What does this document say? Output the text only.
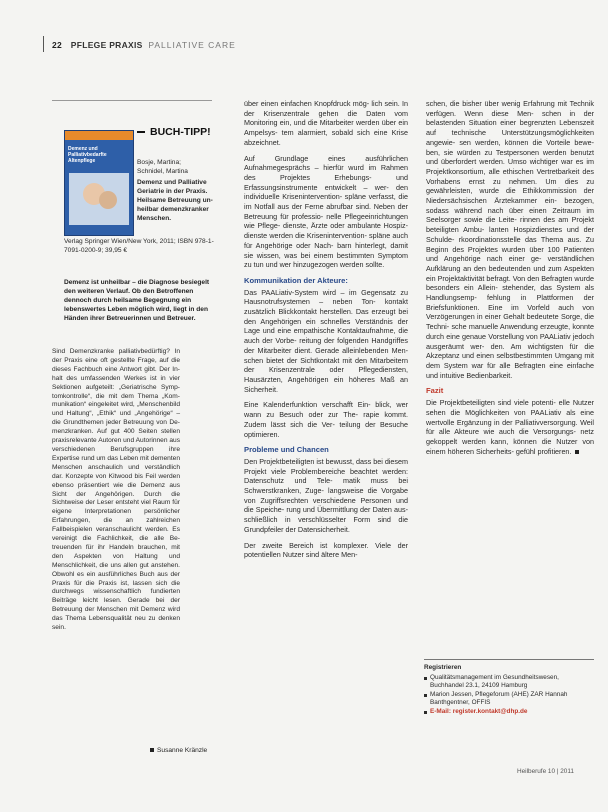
22 PFLEGE PRAXIS PALLIATIVE CARE
BUCH-TIPP!
Demenz und Palliativbedarfte Altenpflege	Bosje, Martina;
Schnidel, Martina
Demenz und Palliative Geriatrie in der Praxis. Heilsame Betreuung un- heilbar demenzkranker Menschen.
Verlag Springer Wien/New York, 2011; ISBN 978-1-7091-0200-9; 39,95 €
Demenz ist unheilbar – die Diagnose besiegelt den weiteren Verlauf. Ob den Betroffenen dennoch durch heilsame Begegnung ein lebenswertes Leben möglich wird, liegt in den Händen ihrer Betreuerinnen und Betreuer.

Sind Demenzkranke palliativbedürftig? In der Praxis eine oft gestellte Frage, auf die dieses Fachbuch eine Antwort gibt. Der In- halt des umfassenden Werkes ist in vier Sektionen aufgeteilt: „Geriatrische Symp- tomkontrolle“, die mit dem Thema „Kom- munikation“ eingeleitet wird, „Menschenbild und Haltung“, „Ethik“ und „Angehörige“ – die Grundthemen jeder Betreuung von De- menzkranken. Auf gut 400 Seiten stellen praxisrelevante Autoren und Autorinnen aus verschiedenen Berufsgruppen ihre Expertise rund um das Leben mit dementen Menschen anschaulich und verständlich dar. Konzepte von Kitwood bis Feil werden ebenso präsentiert wie die Demenz aus Sicht der Angehörigen. Durch die Sichtweise der Leser entsteht viel Raum für eigene Interpretationen persönlicher Erfahrungen, die an zahlreichen Fallbeispielen veranschaulicht werden. Es vereinigt die Fachlichkeit, die alle Be- treuenden für ihr Handeln brauchen, mit den Aspekten von Haltung und Menschlichkeit, die uns allen gut anstehen. Obwohl es ein ausführliches Buch aus der Praxis für die Praxis ist, lassen sich die durchwegs wissenschaftlich fundierten Beiträge leicht lesen. Gerade bei der Betreuung der Menschen mit Demenz wird das Thema Lebensqualität neu zu denken sein.

Susanne Kränzle

über einen einfachen Knopfdruck mög- lich sein. In der Krisenzentrale gehen die Daten vom Monitoring ein, und die Mitarbeiter werden über ein Ampelsys- tem alarmiert, sobald sich eine Krise abzeichnet.

Auf Grundlage eines ausführlichen Aufnahmegesprächs – hierfür wurd im Rahmen des Projektes Erhebungs- und Erfassungsinstrumente entwickelt – wer- den individuelle Krisenintervention- spläne verfasst, die im Notfall aus der Ferne abrufbar sind. Neben der Betreuung für professio- nelle Pflegeeinrichtungen wie Pflege- dienste, Ärzte oder ambulante Hospiz- dienste werden die Krisenintervention- spläne auch für Angehörige oder Nach- barn hinterlegt, damit sie wissen, was bei einem bestimmten Symptom zu tun und wer hinzugezogen werden sollte.

Kommunikation der Akteure:

Das PAALiativ-System wird – im Gegensatz zu Hausnotrufsystemen – neben Ton- kontakt zusätzlich Blickkontakt herstellen. Das erzeugt bei den Angehörigen ein schnelles Verständnis der Lage und eine empathische Kontaktaufnahme, die auch der Vorbe- reitung der folgenden Handgriffes der Mitarbeiter dient. Gerade alleinlebenden Men- schen bietet der Sichtkontakt mit den Mitarbeitern der Krisenzentrale oder Pflegediensten, Hausärzten, Angehörigen ein höheres Maß an Sicherheit.

Eine Kalenderfunktion verschafft Ein- blick, wer wann zu Besuch oder zur The- rapie kommt. Zudem lässt sich die Ver- teilung der Besuche optimieren.

Probleme und Chancen

Den Projektbeteiligten ist bewusst, dass bei diesem Projekt viele Problembereiche beachtet werden: Datenschutz und Tele- matik muss bei Schwerstkranken, Zuge- langsweise die Vorgabe von Zugriffsrechten verschiedene Personen und die Speiche- rung und Übermittlung der Daten aus- schließlich in verschlüsselter Form sind die Grundpfeiler der Datensicherheit.

Der zweite Bereich ist komplexer. Viele der potentiellen Nutzer sind ältere Men-

schen, die bisher über wenig Erfahrung mit Technik verfügen. Wenn diese Men- schen in der belastenden Situation einer begrenzten Lebenszeit auf technische Unterstützungsmöglichkeiten angewie- sen werden, können die Vorteile bewe- ben, sie würden zu Testpersonen werden benutzt und überfordert werden. Umso wichtiger war es im Projektkonsortium, alle ethischen Vertretbarkeit des Vorhabens ernst zu nehmen. Um dies zu gewährleisten, wurde die Ethikkommission der Niedersächsischen Ärztekammer ein- bezogen, sodass während nach über einen Zeitraum im Seelsorger sowie die Leite- rinnen des am Projekt beteiligten Ambu- lanten Hospizdienstes und der Schulde- rkoordinationsstelle das Thema aus. Zu Beginn des Projektes wurden über 100 Patienten und Angehörige nach einer ge- verständlichen Aufklärung an den bedeutenden und zum Aspekten ein Projektaktivität befragt. Von den Befragten wurde besonders ein Allein- stehender, das System als Handlungsemp- fehlung in Plattformen der Briefsfunktionen. Eine im Vorfeld auch von Verzögerungen in einer Gehalt bedeutete Sorge, die Techni- sche manuelle Anwendung erzeugte, konnte durch eine genaue Vorstellung von PAALiativ jedoch ausgeräumt wer- den. Am wichtigsten für die Akzeptanz und einen selbstbestimmten Umgang mit dem System war für alle Befragten eine einfache und intuitive Bedienbarkeit.

Fazit

Die Projektbeteiligten sind viele potenti- elle Nutzer sehen die Möglichkeiten von PAALiativ als eine wertvolle Ergänzung in der Palliativversorgung. Weil für alle Akteure wie auch die Versorgungs- netz gekoppelt werden kann, können die Nutzer von einem höheren Sicherheits- gefühl profitieren.

Registrieren
Qualitätsmanagement im Gesundheitswesen, Buchhandel 23.1, 24109 Hamburg
Marion Jessen, Pflegeforum (AHE) ZAR Hannah Banthgentner, OFFIS
E-Mail: register.kontakt@dhp.de
Heilberufe 10 | 2011
